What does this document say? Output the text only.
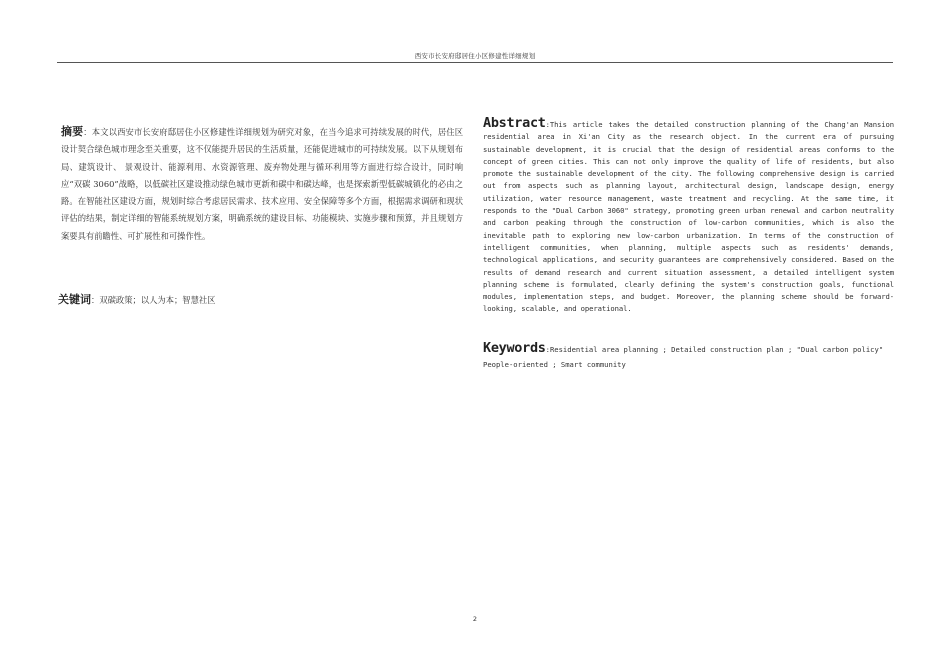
西安市长安府邸居住小区修建性详细规划
摘要：本文以西安市长安府邸居住小区修建性详细规划为研究对象，在当今追求可持续发展的时代，居住区设计契合绿色城市理念至关重要，这不仅能提升居民的生活质量，还能促进城市的可持续发展。以下从规划布局、建筑设计、 景观设计、能源利用、水资源管理、废弃物处理与循环利用等方面进行综合设计，同时响应“双碳 3060”战略，以低碳社区建设推动绿色城市更新和碳中和碳达峰，也是探索新型低碳城镇化的必由之路。在智能社区建设方面，规划时综合考虑居民需求、技术应用、安全保障等多个方面，根据需求调研和现状评估的结果，制定详细的智能系统规划方案，明确系统的建设目标、功能模块、实施步骤和预算，并且规划方案要具有前瞻性、可扩展性和可操作性。
关键词：双碳政策；以人为本；智慧社区
Abstract:This article takes the detailed construction planning of the Chang'an Mansion residential area in Xi'an City as the research object. In the current era of pursuing sustainable development, it is crucial that the design of residential areas conforms to the concept of green cities. This can not only improve the quality of life of residents, but also promote the sustainable development of the city. The following comprehensive design is carried out from aspects such as planning layout, architectural design, landscape design, energy utilization, water resource management, waste treatment and recycling. At the same time, it responds to the "Dual Carbon 3060" strategy, promoting green urban renewal and carbon neutrality and carbon peaking through the construction of low-carbon communities, which is also the inevitable path to exploring new low-carbon urbanization. In terms of the construction of intelligent communities, when planning, multiple aspects such as residents' demands, technological applications, and security guarantees are comprehensively considered. Based on the results of demand research and current situation assessment, a detailed intelligent system planning scheme is formulated, clearly defining the system's construction goals, functional modules, implementation steps, and budget. Moreover, the planning scheme should be forward-looking, scalable, and operational.
Keywords:Residential area planning ; Detailed construction plan ; "Dual carbon policy" People-oriented ; Smart community
2
